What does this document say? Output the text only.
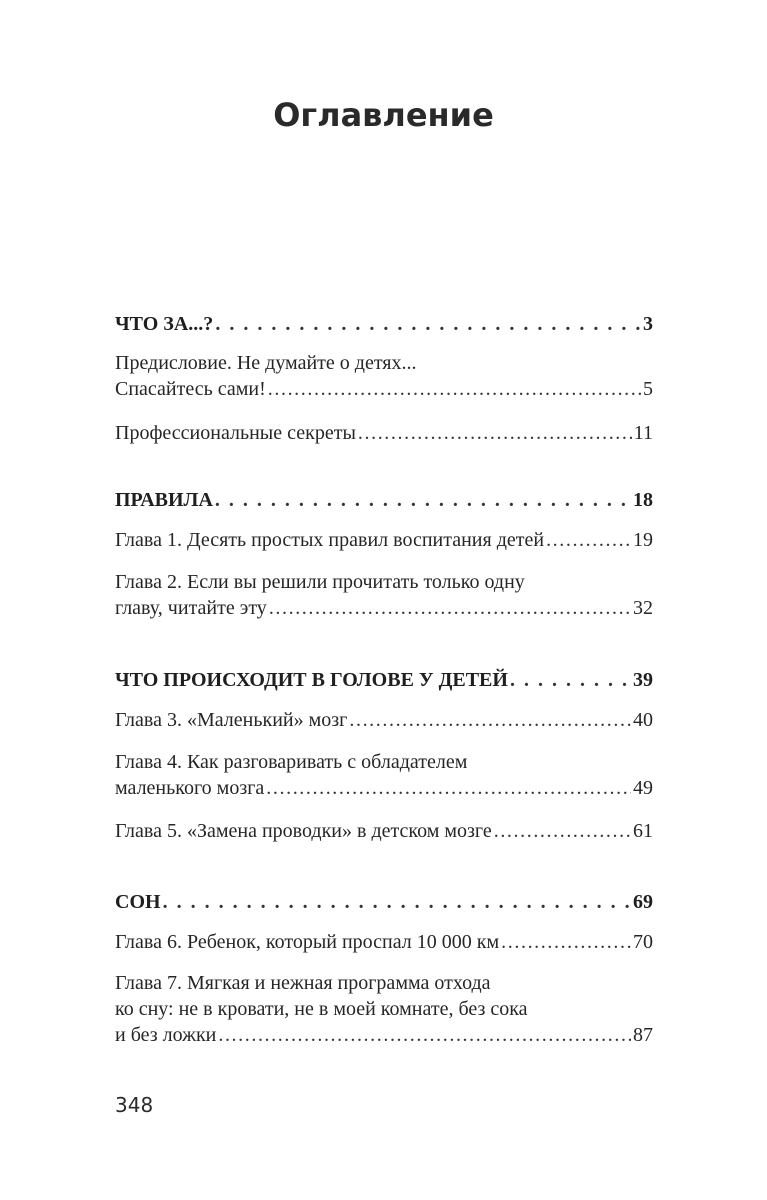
Оглавление
ЧТО ЗА...? . . .	3
Предисловие. Не думайте о детях...
Спасайтесь сами! .....	5
Профессиональные секреты .....	11
ПРАВИЛА . . .	18
Глава 1. Десять простых правил воспитания детей .....	19
Глава 2. Если вы решили прочитать только одну
главу, читайте эту .....	32
ЧТО ПРОИСХОДИТ В ГОЛОВЕ У ДЕТЕЙ . . .	39
Глава 3. «Маленький» мозг .....	40
Глава 4. Как разговаривать с обладателем
маленького мозга .....	49
Глава 5. «Замена проводки» в детском мозге .....	61
СОН . . .	69
Глава 6. Ребенок, который проспал 10 000 км .....	70
Глава 7. Мягкая и нежная программа отхода
ко сну: не в кровати, не в моей комнате, без сока
и без ложки .....	87
348
